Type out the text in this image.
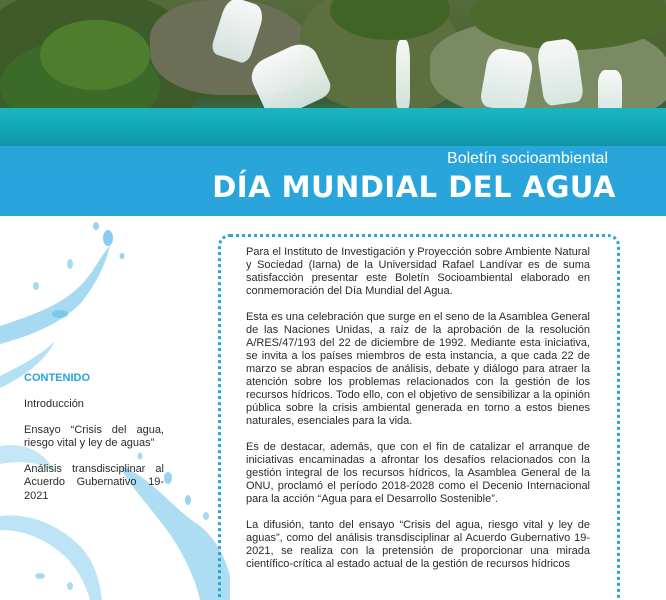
Boletín socioambiental
DÍA MUNDIAL DEL AGUA
CONTENIDO
Introducción
Ensayo “Crisis del agua, riesgo vital y ley de aguas”
Análisis transdisciplinar al Acuerdo Gubernativo 19-2021

Para el Instituto de Investigación y Proyección sobre Ambiente Natural y Sociedad (Iarna) de la Universidad Rafael Landívar es de suma satisfacción presentar este Boletín Socioambiental elaborado en conmemoración del Día Mundial del Agua.

Esta es una celebración que surge en el seno de la Asamblea General de las Naciones Unidas, a raíz de la aprobación de la resolución A/RES/47/193 del 22 de diciembre de 1992. Mediante esta iniciativa, se invita a los países miembros de esta instancia, a que cada 22 de marzo se abran espacios de análisis, debate y diálogo para atraer la atención sobre los problemas relacionados con la gestión de los recursos hídricos. Todo ello, con el objetivo de sensibilizar a la opinión pública sobre la crisis ambiental generada en torno a estos bienes naturales, esenciales para la vida.

Es de destacar, además, que con el fin de catalizar el arranque de iniciativas encaminadas a afrontar los desafíos relacionados con la gestión integral de los recursos hídricos, la Asamblea General de la ONU, proclamó el período 2018-2028 como el Decenio Internacional para la acción “Agua para el Desarrollo Sostenible”.

La difusión, tanto del ensayo “Crisis del agua, riesgo vital y ley de aguas”, como del análisis transdisciplinar al Acuerdo Gubernativo 19-2021, se realiza con la pretensión de proporcionar una mirada científico-crítica al estado actual de la gestión de recursos hídricos
